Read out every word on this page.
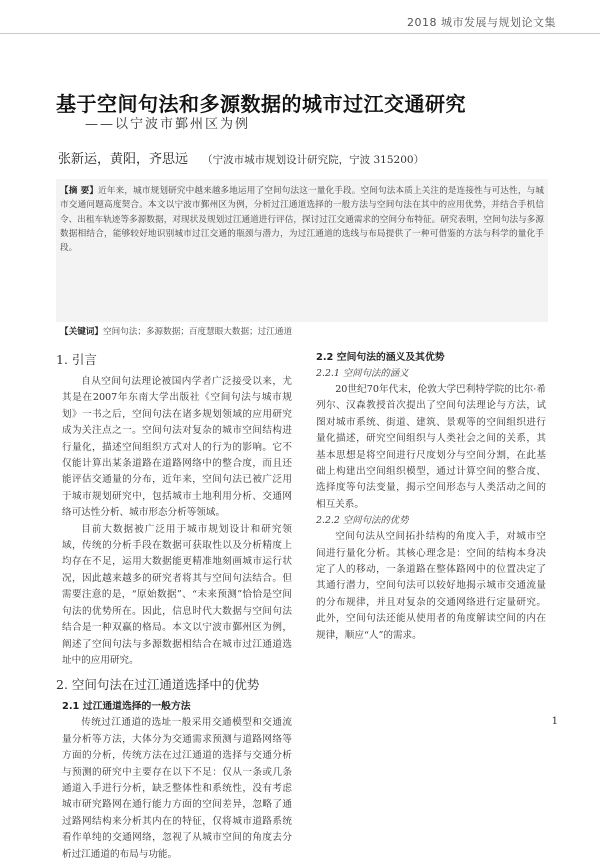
2018 城市发展与规划论文集
基于空间句法和多源数据的城市过江交通研究
——以宁波市鄞州区为例
张新运，黄阳，齐思远 （宁波市城市规划设计研究院，宁波 315200）
【摘 要】近年来，城市规划研究中越来越多地运用了空间句法这一量化手段。空间句法本质上关注的是连接性与可达性，与城市交通问题高度契合。本文以宁波市鄞州区为例，分析过江通道选择的一般方法与空间句法在其中的应用优势，并结合手机信令、出租车轨迹等多源数据，对现状及规划过江通道进行评估，探讨过江交通需求的空间分布特征。研究表明，空间句法与多源数据相结合，能够较好地识别城市过江交通的瓶颈与潜力，为过江通道的选线与布局提供了一种可借鉴的方法与科学的量化手段。
【关键词】空间句法；多源数据；百度慧眼大数据；过江通道
1. 引言

自从空间句法理论被国内学者广泛接受以来，尤其是在2007年东南大学出版社《空间句法与城市规划》一书之后，空间句法在诸多规划领域的应用研究成为关注点之一。空间句法对复杂的城市空间结构进行量化，描述空间组织方式对人的行为的影响。它不仅能计算出某条道路在道路网络中的整合度，而且还能评估交通量的分布，近年来，空间句法已被广泛用于城市规划研究中，包括城市土地利用分析、交通网络可达性分析、城市形态分析等领域。

目前大数据被广泛用于城市规划设计和研究领域，传统的分析手段在数据可获取性以及分析精度上均存在不足，运用大数据能更精准地刻画城市运行状况，因此越来越多的研究者将其与空间句法结合。但需要注意的是，“原始数据”、“未来预测”恰恰是空间句法的优势所在。因此，信息时代大数据与空间句法结合是一种双赢的格局。本文以宁波市鄞州区为例，阐述了空间句法与多源数据相结合在城市过江通道选址中的应用研究。

2. 空间句法在过江通道选择中的优势
2.1 过江通道选择的一般方法

传统过江通道的选址一般采用交通模型和交通流量分析等方法，大体分为交通需求预测与道路网络等方面的分析，传统方法在过江通道的选择与交通分析与预测的研究中主要存在以下不足：仅从一条或几条通道入手进行分析，缺乏整体性和系统性，没有考虑城市研究路网在通行能力方面的空间差异，忽略了通过路网结构来分析其内在的特征，仅将城市道路系统看作单纯的交通网络，忽视了从城市空间的角度去分析过江通道的布局与功能。

2.2 空间句法的涵义及其优势
2.2.1 空间句法的涵义

20世纪70年代末，伦敦大学巴利特学院的比尔·希列尔、汉森教授首次提出了空间句法理论与方法，试图对城市系统、街道、建筑、景观等的空间组织进行量化描述，研究空间组织与人类社会之间的关系，其基本思想是将空间进行尺度划分与空间分割，在此基础上构建出空间组织模型，通过计算空间的整合度、选择度等句法变量，揭示空间形态与人类活动之间的相互关系。

2.2.2 空间句法的优势

空间句法从空间拓扑结构的角度入手，对城市空间进行量化分析。其核心理念是：空间的结构本身决定了人的移动，一条道路在整体路网中的位置决定了其通行潜力，空间句法可以较好地揭示城市交通流量的分布规律，并且对复杂的交通网络进行定量研究。此外，空间句法还能从使用者的角度解读空间的内在规律，顺应“人”的需求。

1
